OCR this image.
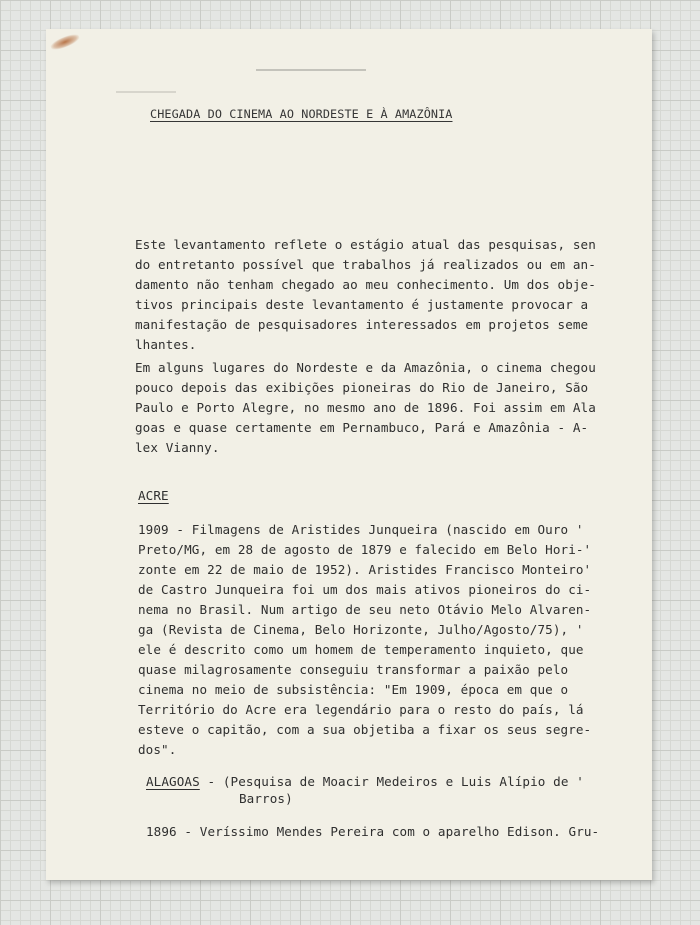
CHEGADA DO CINEMA AO NORDESTE E À AMAZÔNIA
Este levantamento reflete o estágio atual das pesquisas, sen
do entretanto possível que trabalhos já realizados ou em an-
damento não tenham chegado ao meu conhecimento. Um dos obje-
tivos principais deste levantamento é justamente provocar a
manifestação de pesquisadores interessados em projetos seme
lhantes.
Em alguns lugares do Nordeste e da Amazônia, o cinema chegou
pouco depois das exibições pioneiras do Rio de Janeiro, São
Paulo e Porto Alegre, no mesmo ano de 1896. Foi assim em Ala
goas e quase certamente em Pernambuco, Pará e Amazônia - A-
lex Vianny.
ACRE
1909 - Filmagens de Aristides Junqueira (nascido em Ouro '
Preto/MG, em 28 de agosto de 1879 e falecido em Belo Hori-'
zonte em 22 de maio de 1952). Aristides Francisco Monteiro'
de Castro Junqueira foi um dos mais ativos pioneiros do ci-
nema no Brasil. Num artigo de seu neto Otávio Melo Alvaren-
ga (Revista de Cinema, Belo Horizonte, Julho/Agosto/75), '
ele é descrito como um homem de temperamento inquieto, que
quase milagrosamente conseguiu transformar a paixão pelo
cinema no meio de subsistência: "Em 1909, época em que o
Território do Acre era legendário para o resto do país, lá
esteve o capitão, com a sua objetiba a fixar os seus segre-
dos".
ALAGOAS - (Pesquisa de Moacir Medeiros e Luis Alípio de '
Barros)
1896 - Veríssimo Mendes Pereira com o aparelho Edison. Gru-
